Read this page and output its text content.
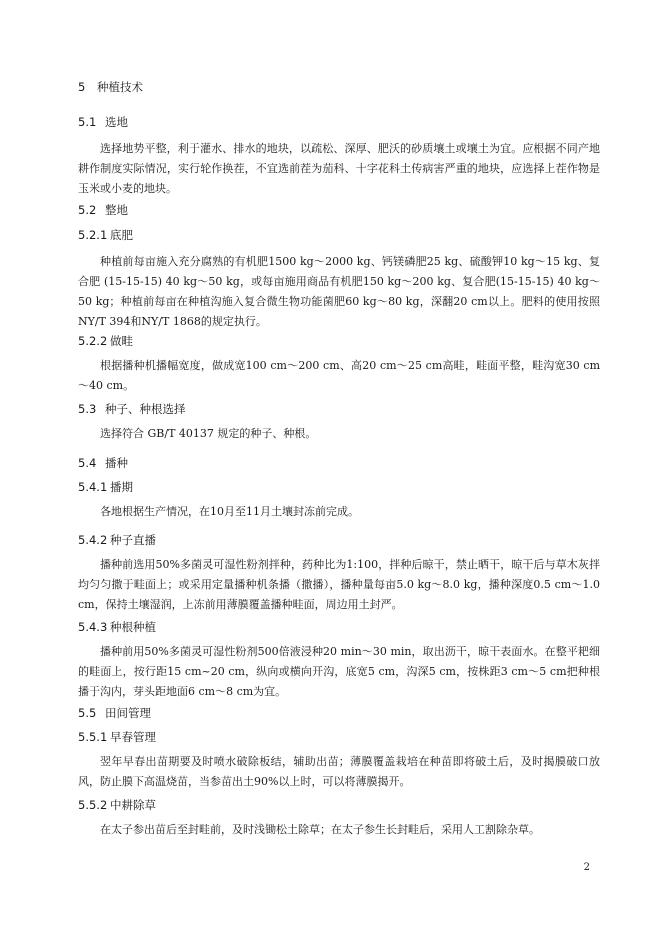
5 种植技术
5.1 选地

选择地势平整，利于灌水、排水的地块，以疏松、深厚、肥沃的砂质壤土或壤土为宜。应根据不同产地耕作制度实际情况，实行轮作换茬，不宜选前茬为茄科、十字花科土传病害严重的地块，应选择上茬作物是玉米或小麦的地块。

5.2 整地
5.2.1 底肥

种植前每亩施入充分腐熟的有机肥1500 kg～2000 kg、钙镁磷肥25 kg、硫酸钾10 kg～15 kg、复合肥 (15-15-15) 40 kg～50 kg，或每亩施用商品有机肥150 kg～200 kg、复合肥(15-15-15) 40 kg～50 kg；种植前每亩在种植沟施入复合微生物功能菌肥60 kg～80 kg，深翻20 cm以上。肥料的使用按照NY/T 394和NY/T 1868的规定执行。

5.2.2 做畦

根据播种机播幅宽度，做成宽100 cm～200 cm、高20 cm～25 cm高畦，畦面平整，畦沟宽30 cm～40 cm。

5.3 种子、种根选择

选择符合 GB/T 40137 规定的种子、种根。

5.4 播种
5.4.1 播期

各地根据生产情况，在10月至11月土壤封冻前完成。

5.4.2 种子直播

播种前选用50%多菌灵可湿性粉剂拌种，药种比为1:100，拌种后晾干，禁止晒干，晾干后与草木灰拌均匀匀撒于畦面上；或采用定量播种机条播（撒播），播种量每亩5.0 kg～8.0 kg，播种深度0.5 cm～1.0 cm，保持土壤湿润，上冻前用薄膜覆盖播种畦面，周边用土封严。

5.4.3 种根种植

播种前用50%多菌灵可湿性粉剂500倍液浸种20 min～30 min，取出沥干，晾干表面水。在整平耙细的畦面上，按行距15 cm~20 cm，纵向或横向开沟，底宽5 cm，沟深5 cm，按株距3 cm～5 cm把种根播于沟内，芽头距地面6 cm～8 cm为宜。

5.5 田间管理
5.5.1 早春管理

翌年早春出苗期要及时喷水破除板结，辅助出苗；薄膜覆盖栽培在种苗即将破土后，及时揭膜破口放风，防止膜下高温烧苗，当参苗出土90%以上时，可以将薄膜揭开。

5.5.2 中耕除草

在太子参出苗后至封畦前，及时浅锄松土除草；在太子参生长封畦后，采用人工割除杂草。

2
